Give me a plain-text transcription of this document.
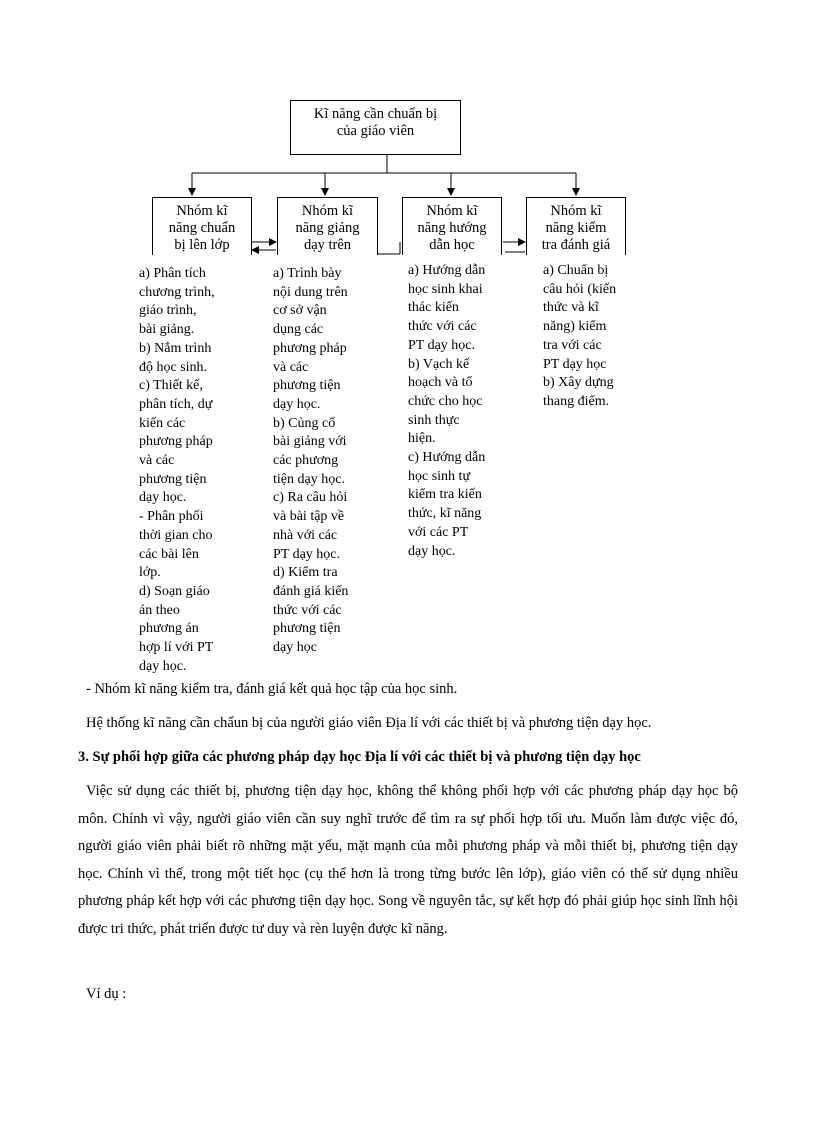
Kĩ năng cần chuẩn bị
của giáo viên
Nhóm kĩ
năng chuẩn
bị lên lớp
Nhóm kĩ
năng giảng
dạy trên
Nhóm kĩ
năng hướng
dẫn học
Nhóm kĩ
năng kiểm
tra đánh giá
a) Phân tích
chương trình,
giáo trình,
bài giảng.
b) Nắm trình
độ học sinh.
c) Thiết kế,
phân tích, dự
kiến các
phương pháp
và các
phương tiện
dạy học.
- Phân phối
thời gian cho
các bài lên
lớp.
d) Soạn giáo
án theo
phương án
hợp lí với PT
dạy học.
a) Trình bày
nội dung trên
cơ sở vận
dụng các
phương pháp
và các
phương tiện
dạy học.
b) Củng cố
bài giảng với
các phương
tiện dạy học.
c) Ra câu hỏi
và bài tập về
nhà với các
PT dạy học.
d) Kiểm tra
đánh giá kiến
thức với các
phương tiện
dạy học
a) Hướng dẫn
học sinh khai
thác kiến
thức với các
PT dạy học.
b) Vạch kế
hoạch và tổ
chức cho học
sinh thực
hiện.
c) Hướng dẫn
học sinh tự
kiểm tra kiến
thức, kĩ năng
với các PT
dạy học.
a) Chuẩn bị
câu hỏi (kiến
thức và kĩ
năng) kiểm
tra với các
PT dạy học
b) Xây dựng
thang điểm.
- Nhóm kĩ năng kiểm tra, đánh giá kết quả học tập của học sinh.
Hệ thống kĩ năng cần chẩun bị của người giáo viên Địa lí với các thiết bị và phương tiện dạy học.
3. Sự phối hợp giữa các phương pháp dạy học Địa lí với các thiết bị và phương tiện dạy học
Việc sử dụng các thiết bị, phương tiện dạy học, không thể không phối hợp với các phương pháp dạy học bộ môn. Chính vì vậy, người giáo viên cần suy nghĩ trước để tìm ra sự phối hợp tối ưu. Muốn làm được việc đó, người giáo viên phải biết rõ những mặt yếu, mặt mạnh của mỗi phương pháp và mỗi thiết bị, phương tiện dạy học. Chính vì thế, trong một tiết học (cụ thể hơn là trong từng bước lên lớp), giáo viên có thể sử dụng nhiều phương pháp kết hợp với các phương tiện dạy học. Song về nguyên tắc, sự kết hợp đó phải giúp học sinh lĩnh hội được tri thức, phát triển được tư duy và rèn luyện được kĩ năng.
Ví dụ :
